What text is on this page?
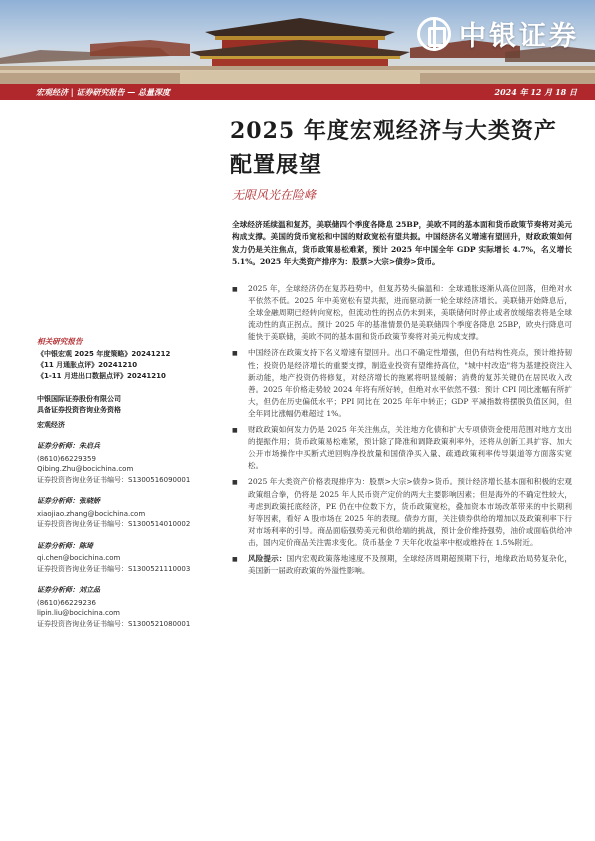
中银证券
宏观经济 | 证券研究报告 — 总量深度	2024 年 12 月 18 日
2025 年度宏观经济与大类资产配置展望
无限风光在险峰
全球经济延续温和复苏，美联储四个季度各降息 25BP，美欧不同的基本面和货币政策节奏将对美元构成支撑。美国的货币宽松和中国的财政宽松有望共振。中国经济名义增速有望回升，财政政策如何发力仍是关注焦点，货币政策易松难紧，预计 2025 年中国全年 GDP 实际增长 4.7%，名义增长 5.1%。2025 年大类资产排序为：股票>大宗>债券>货币。
■	2025 年，全球经济仍在复苏趋势中，但复苏势头偏温和：全球通胀逐渐从高位回落，但绝对水平依然不低。2025 年中美宽松有望共振，进而驱动新一轮全球经济增长。美联储开始降息后，全球金融周期已经转向宽松，但流动性的拐点仍未到来，美联储何时停止或者放缓缩表将是全球流动性的真正拐点。预计 2025 年的基准情景仍是美联储四个季度各降息 25BP，欧央行降息可能快于美联储，美欧不同的基本面和货币政策节奏将对美元构成支撑。
■	中国经济在政策支持下名义增速有望回升。出口不确定性增强，但仍有结构性亮点，预计维持韧性；投资仍是经济增长的重要支撑，制造业投资有望维持高位，"城中村改造"将为基建投资注入新动能，地产投资仍将修复，对经济增长的拖累将明显缓解；消费的复苏关键仍在居民收入改善。2025 年价格走势较 2024 年将有所好转，但绝对水平依然不强：预计 CPI 同比涨幅有所扩大，但仍在历史偏低水平；PPI 同比在 2025 年年中转正；GDP 平减指数将摆脱负值区间，但全年同比涨幅仍难超过 1%。
■	财政政策如何发力仍是 2025 年关注焦点，关注地方化债和扩大专项债资金使用范围对地方支出的提振作用；货币政策易松难紧，预计除了降准和调降政策利率外，还将从创新工具扩容、加大公开市场操作中买断式逆回购净投放量和国债净买入量、疏通政策利率传导渠道等方面落实宽松。
■	2025 年大类资产价格表现排序为：股票>大宗>债券>货币。预计经济增长基本面和积极的宏观政策组合拳，仍将是 2025 年人民币资产定价的两大主要影响因素；但是海外的不确定性较大，考虑到政策托底经济，PE 仍在中位数下方，货币政策宽松，叠加资本市场改革带来的中长期利好等因素，看好 A 股市场在 2025 年的表现。债券方面，关注债券供给的增加以及政策利率下行对市场利率的引导。商品面临强势美元和供给端的挑战，预计金价维持强势，油价或面临供给冲击，国内定价商品关注需求变化。货币基金 7 天年化收益率中枢或维持在 1.5%附近。
■	风险提示：国内宏观政策落地速度不及预期，全球经济周期超预期下行，地缘政治局势复杂化，美国新一届政府政策的外溢性影响。
相关研究报告
《中银宏观 2025 年度策略》20241212
《11 月通胀点评》20241210
《1-11 月进出口数据点评》20241210
中银国际证券股份有限公司
具备证券投资咨询业务资格
宏观经济
证券分析师：朱启兵
(8610)66229359
Qibing.Zhu@bocichina.com
证券投资咨询业务证书编号：S1300516090001
证券分析师：张晓娇
xiaojiao.zhang@bocichina.com
证券投资咨询业务证书编号：S1300514010002
证券分析师：陈琦
qi.chen@bocichina.com
证券投资咨询业务证书编号：S1300521110003
证券分析师：刘立品
(8610)66229236
lipin.liu@bocichina.com
证券投资咨询业务证书编号：S1300521080001
